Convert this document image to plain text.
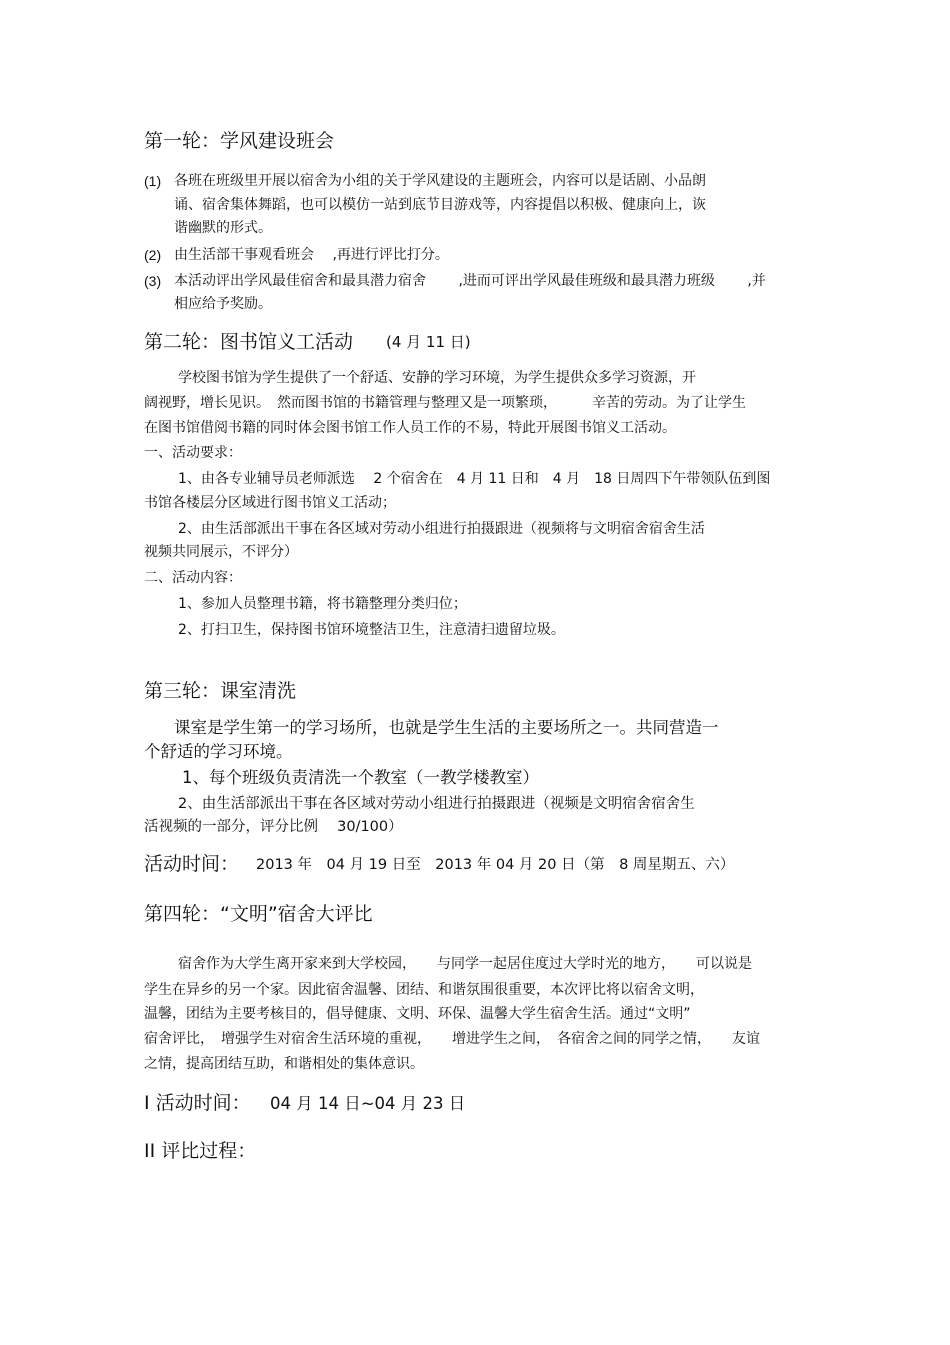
第一轮：学风建设班会
(1) 各班在班级里开展以宿舍为小组的关于学风建设的主题班会，内容可以是话剧、小品朗
诵、宿舍集体舞蹈，也可以模仿一站到底节目游戏等，内容提倡以积极、健康向上，诙
谐幽默的形式。
(2) 由生活部干事观看班会　 ,再进行评比打分。
(3) 本活动评出学风最佳宿舍和最具潜力宿舍　　 ,进而可评出学风最佳班级和最具潜力班级　　 ,并
相应给予奖励。
第二轮：图书馆义工活动 (4 月 11 日)
学校图书馆为学生提供了一个舒适、安静的学习环境，为学生提供众多学习资源，开
阔视野，增长见识。　然而图书馆的书籍管理与整理又是一项繁琐，　　　辛苦的劳动。为了让学生
在图书馆借阅书籍的同时体会图书馆工作人员工作的不易，特此开展图书馆义工活动。
一、活动要求：
1、由各专业辅导员老师派选　 2 个宿舍在　4 月 11 日和　4 月　18 日周四下午带领队伍到图
书馆各楼层分区域进行图书馆义工活动；
2、由生活部派出干事在各区域对劳动小组进行拍摄跟进（视频将与文明宿舍宿舍生活
视频共同展示，不评分）
二、活动内容：
1、参加人员整理书籍，将书籍整理分类归位；
2、打扫卫生，保持图书馆环境整洁卫生，注意清扫遗留垃圾。
第三轮：课室清洗
课室是学生第一的学习场所，也就是学生生活的主要场所之一。共同营造一
个舒适的学习环境。
1、每个班级负责清洗一个教室（一教学楼教室）
2、由生活部派出干事在各区域对劳动小组进行拍摄跟进（视频是文明宿舍宿舍生
活视频的一部分，评分比例　 30/100）
活动时间： 2013 年　04 月 19 日至　2013 年 04 月 20 日（第　8 周星期五、六）
第四轮：“文明”宿舍大评比
宿舍作为大学生离开家来到大学校园，　　与同学一起居住度过大学时光的地方，　　可以说是
学生在异乡的另一个家。因此宿舍温馨、团结、和谐氛围很重要，本次评比将以宿舍文明，
温馨，团结为主要考核目的，倡导健康、文明、环保、温馨大学生宿舍生活。通过“文明”
宿舍评比，　增强学生对宿舍生活环境的重视，　　增进学生之间，　各宿舍之间的同学之情，　　友谊
之情，提高团结互助，和谐相处的集体意识。
I 活动时间： 04 月 14 日~04 月 23 日
II 评比过程：
